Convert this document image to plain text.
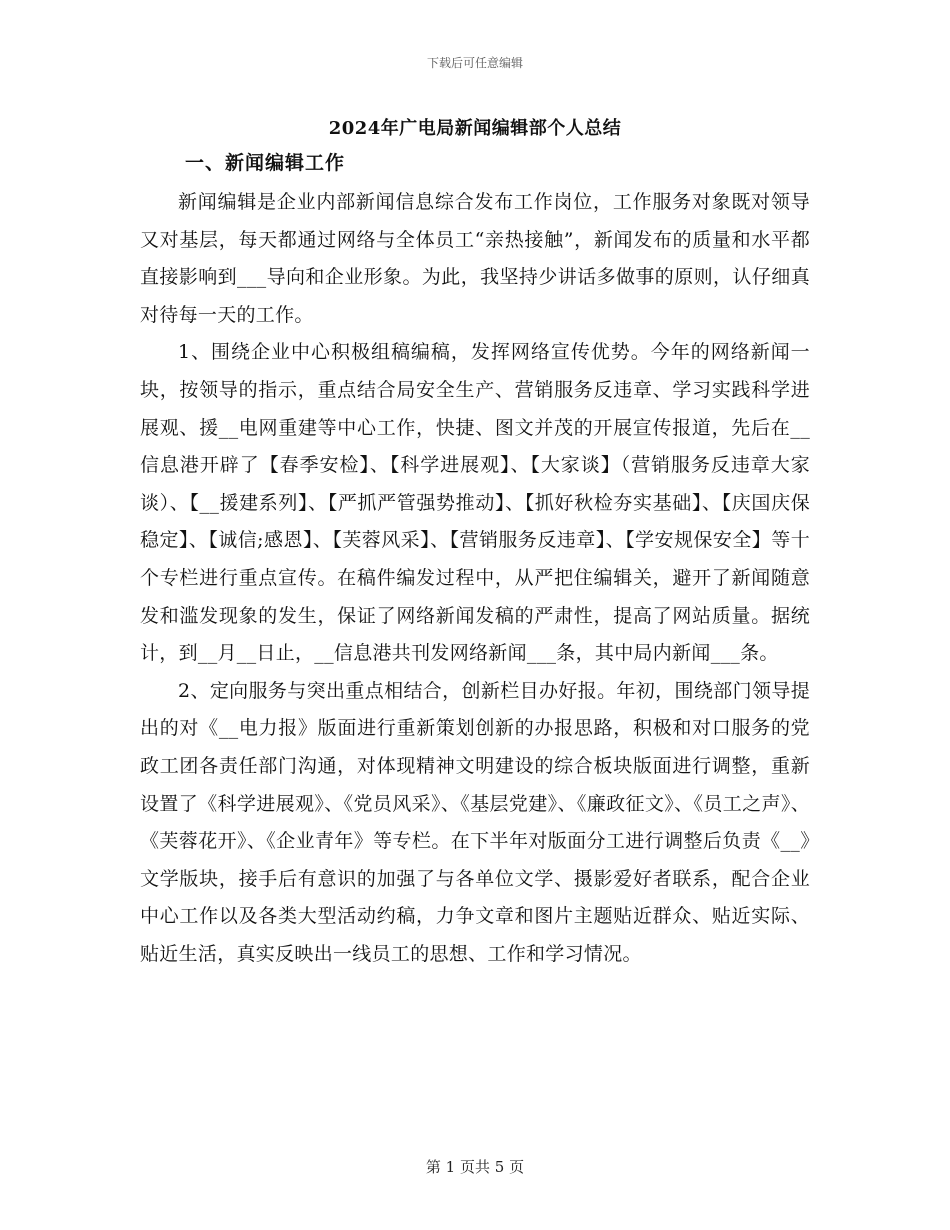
下载后可任意编辑
2024年广电局新闻编辑部个人总结
一、新闻编辑工作

新闻编辑是企业内部新闻信息综合发布工作岗位，工作服务对象既对领导又对基层，每天都通过网络与全体员工“亲热接触”，新闻发布的质量和水平都直接影响到___导向和企业形象。为此，我坚持少讲话多做事的原则，认仔细真对待每一天的工作。

1、围绕企业中心积极组稿编稿，发挥网络宣传优势。今年的网络新闻一块，按领导的指示，重点结合局安全生产、营销服务反违章、学习实践科学进展观、援__电网重建等中心工作，快捷、图文并茂的开展宣传报道，先后在__信息港开辟了【春季安检】、【科学进展观】、【大家谈】（营销服务反违章大家谈）、【__援建系列】、【严抓严管强势推动】、【抓好秋检夯实基础】、【庆国庆保稳定】、【诚信;感恩】、【芙蓉风采】、【营销服务反违章】、【学安规保安全】等十个专栏进行重点宣传。在稿件编发过程中，从严把住编辑关，避开了新闻随意发和滥发现象的发生，保证了网络新闻发稿的严肃性，提高了网站质量。据统计，到__月__日止，__信息港共刊发网络新闻___条，其中局内新闻___条。

2、定向服务与突出重点相结合，创新栏目办好报。年初，围绕部门领导提出的对《__电力报》版面进行重新策划创新的办报思路，积极和对口服务的党政工团各责任部门沟通，对体现精神文明建设的综合板块版面进行调整，重新设置了《科学进展观》、《党员风采》、《基层党建》、《廉政征文》、《员工之声》、《芙蓉花开》、《企业青年》等专栏。在下半年对版面分工进行调整后负责《__》文学版块，接手后有意识的加强了与各单位文学、摄影爱好者联系，配合企业中心工作以及各类大型活动约稿，力争文章和图片主题贴近群众、贴近实际、贴近生活，真实反映出一线员工的思想、工作和学习情况。

第 1 页共 5 页
